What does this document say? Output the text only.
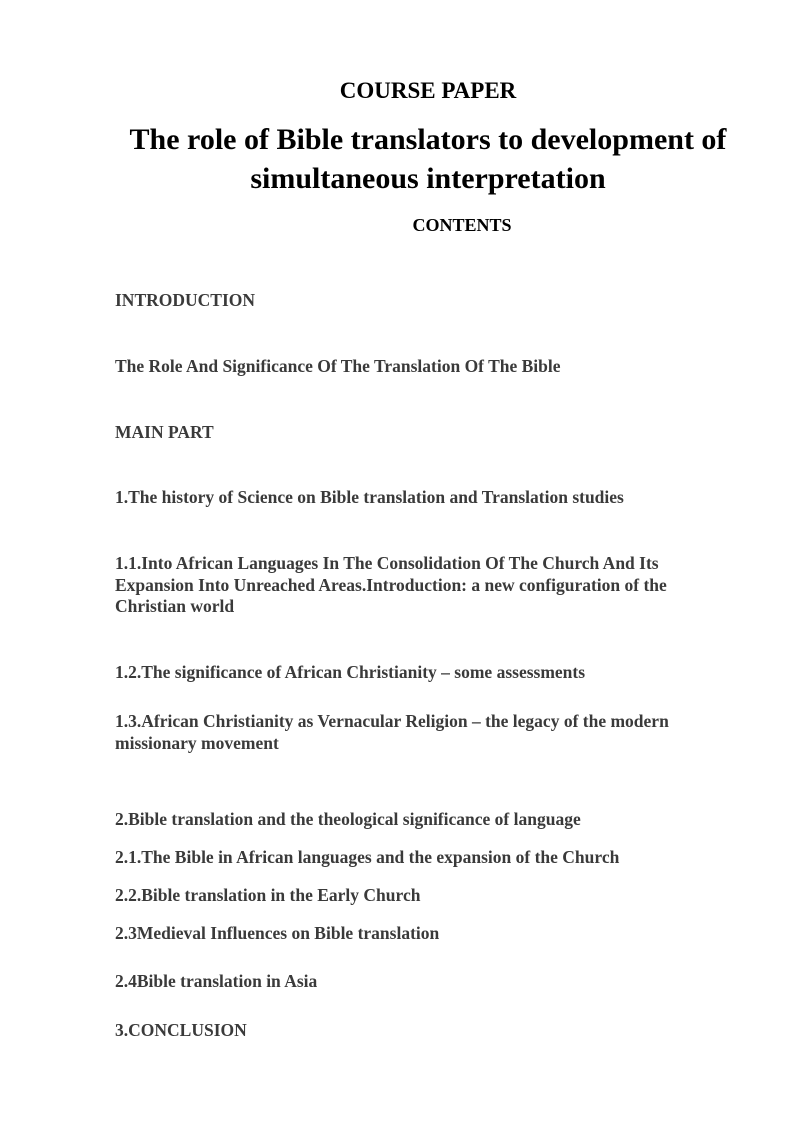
COURSE PAPER
The role of Bible translators to development of simultaneous interpretation
CONTENTS
INTRODUCTION
The Role And Significance Of The Translation Of The Bible
MAIN PART
1.The history of Science on Bible translation and Translation studies
1.1.Into African Languages In The Consolidation Of The Church And Its Expansion Into Unreached Areas.Introduction: a new configuration of the Christian world
1.2.The significance of African Christianity – some assessments
1.3.African Christianity as Vernacular Religion – the legacy of the modern missionary movement
2.Bible translation and the theological significance of language
2.1.The Bible in African languages and the expansion of the Church
2.2.Bible translation in the Early Church
2.3Medieval Influences on Bible translation
2.4Bible translation in Asia
3.CONCLUSION
